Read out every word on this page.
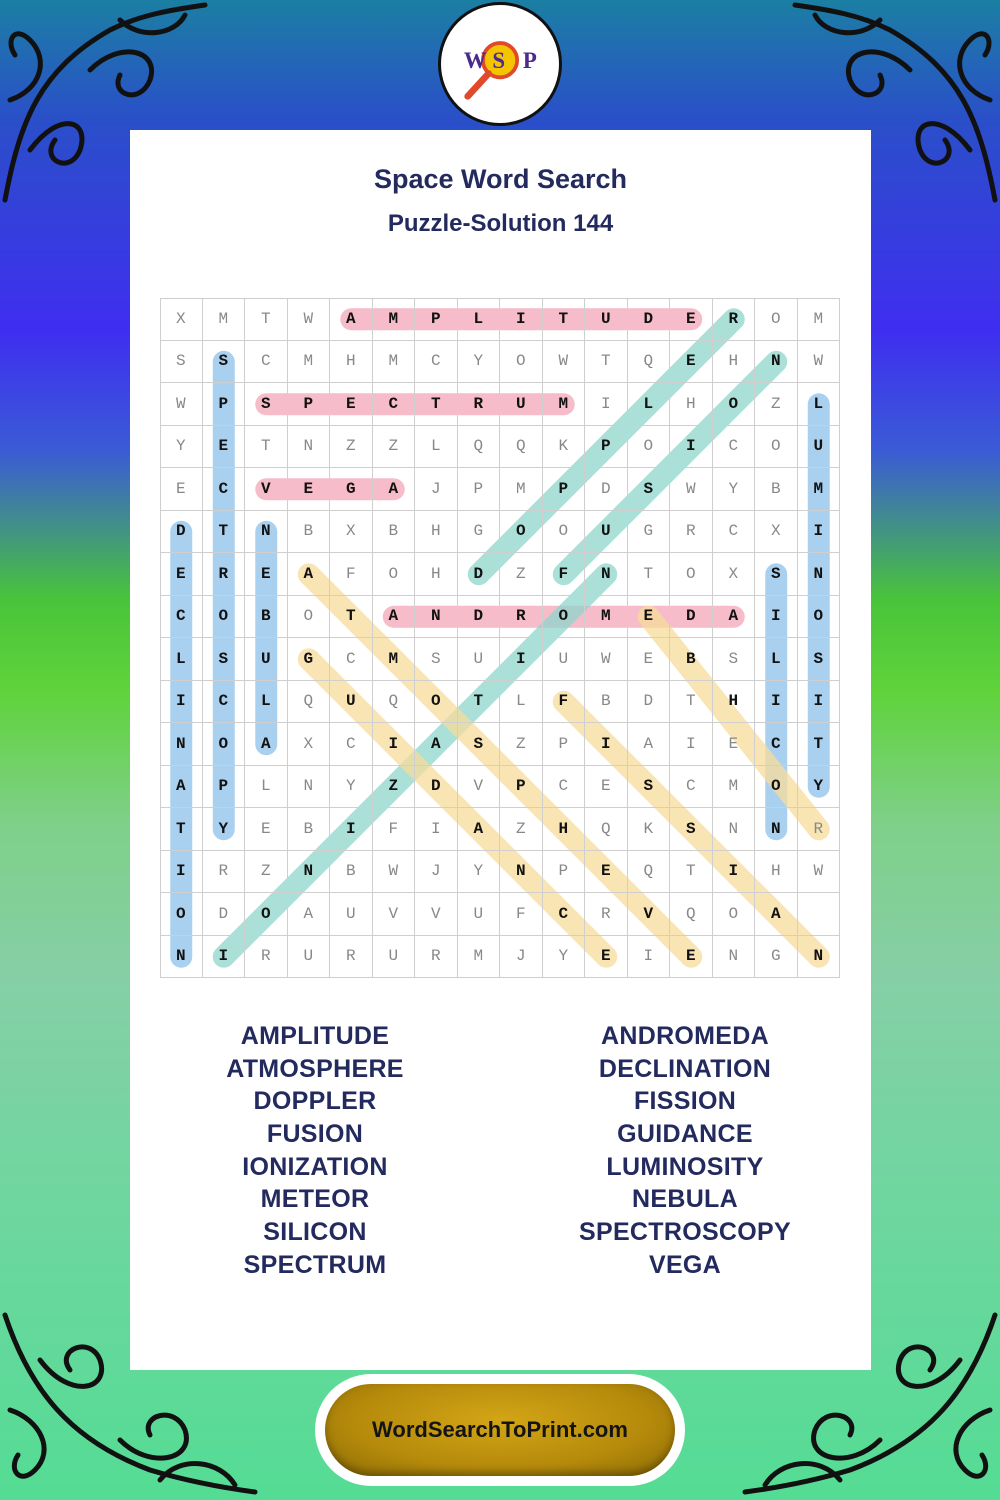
W S P
Space Word Search
Puzzle-Solution 144
X	M	T	W	A	M	P	L	I	T	U	D	E	R	O	M
S	S	C	M	H	M	C	Y	O	W	T	Q	E	H	N	W
W	P	S	P	E	C	T	R	U	M	I	L	H	O	Z	L
Y	E	T	N	Z	Z	L	Q	Q	K	P	O	I	C	O	U
E	C	V	E	G	A	J	P	M	P	D	S	W	Y	B	M
D	T	N	B	X	B	H	G	O	O	U	G	R	C	X	I
E	R	E	A	F	O	H	D	Z	F	N	T	O	X	S	N
C	O	B	O	T	A	N	D	R	O	M	E	D	A	I	O
L	S	U	G	C	M	S	U	I	U	W	E	B	S	L	S
I	C	L	Q	U	Q	O	T	L	F	B	D	T	H	I	I
N	O	A	X	C	I	A	S	Z	P	I	A	I	E	C	T
A	P	L	N	Y	Z	D	V	P	C	E	S	C	M	O	Y
T	Y	E	B	I	F	I	A	Z	H	Q	K	S	N	N	R
I	R	Z	N	B	W	J	Y	N	P	E	Q	T	I	H	W
O	D	O	A	U	V	V	U	F	C	R	V	Q	O	A
N	I	R	U	R	U	R	M	J	Y	E	I	E	N	G	N
AMPLITUDE
ATMOSPHERE
DOPPLER
FUSION
IONIZATION
METEOR
SILICON
SPECTRUM
ANDROMEDA
DECLINATION
FISSION
GUIDANCE
LUMINOSITY
NEBULA
SPECTROSCOPY
VEGA
WordSearchToPrint.com
